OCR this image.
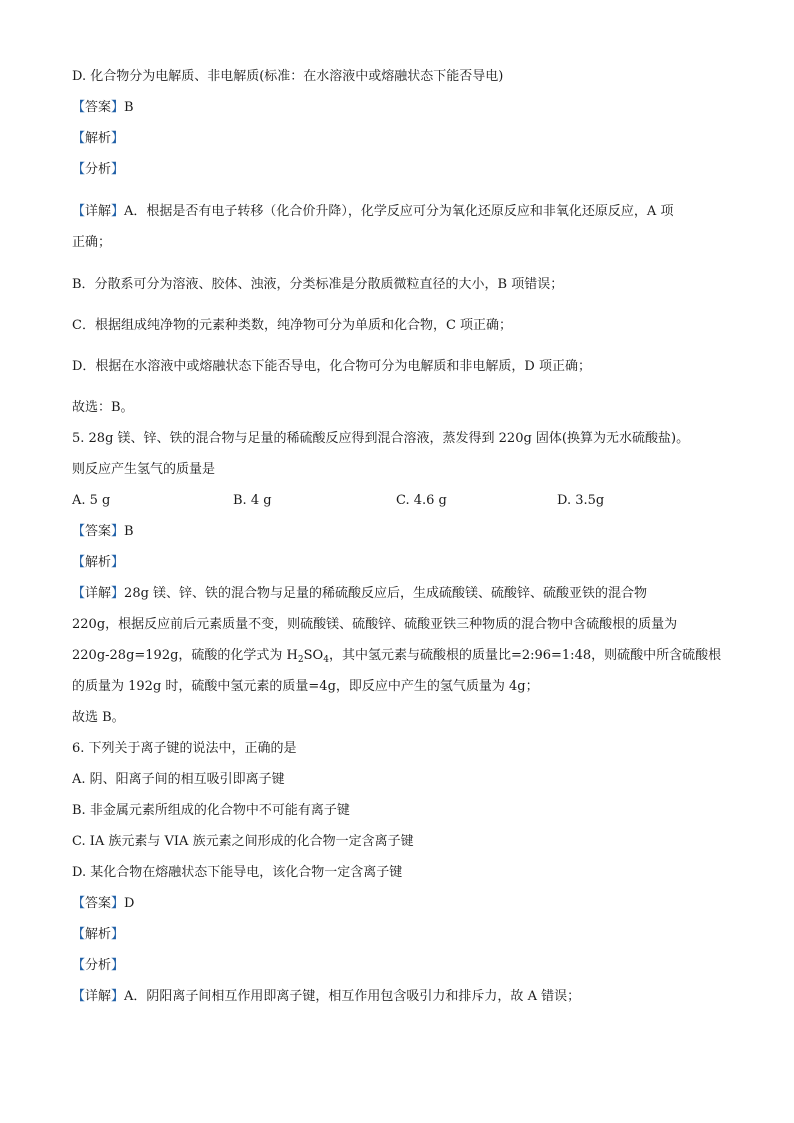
D. 化合物分为电解质、非电解质(标准：在水溶液中或熔融状态下能否导电)
【答案】B
【解析】
【分析】
【详解】A．根据是否有电子转移（化合价升降），化学反应可分为氧化还原反应和非氧化还原反应，A 项
正确；
B．分散系可分为溶液、胶体、浊液，分类标准是分散质微粒直径的大小，B 项错误；
C．根据组成纯净物的元素种类数，纯净物可分为单质和化合物，C 项正确；
D．根据在水溶液中或熔融状态下能否导电，化合物可分为电解质和非电解质，D 项正确；
故选：B。
5. 28g 镁、锌、铁的混合物与足量的稀硫酸反应得到混合溶液，蒸发得到 220g 固体(换算为无水硫酸盐)。
则反应产生氢气的质量是
A. 5 g	B. 4 g	C. 4.6 g	D. 3.5g
【答案】B
【解析】
【详解】28g 镁、锌、铁的混合物与足量的稀硫酸反应后，生成硫酸镁、硫酸锌、硫酸亚铁的混合物
220g，根据反应前后元素质量不变，则硫酸镁、硫酸锌、硫酸亚铁三种物质的混合物中含硫酸根的质量为
220g-28g=192g，硫酸的化学式为 $H_2SO_4$，其中氢元素与硫酸根的质量比=2:96=1:48，则硫酸中所含硫酸根
的质量为 192g 时，硫酸中氢元素的质量=4g，即反应中产生的氢气质量为 4g；
故选 B。
6. 下列关于离子键的说法中，正确的是
A. 阴、阳离子间的相互吸引即离子键
B. 非金属元素所组成的化合物中不可能有离子键
C. ⅠA 族元素与 VIA 族元素之间形成的化合物一定含离子键
D. 某化合物在熔融状态下能导电，该化合物一定含离子键
【答案】D
【解析】
【分析】
【详解】A．阴阳离子间相互作用即离子键，相互作用包含吸引力和排斥力，故 A 错误；
